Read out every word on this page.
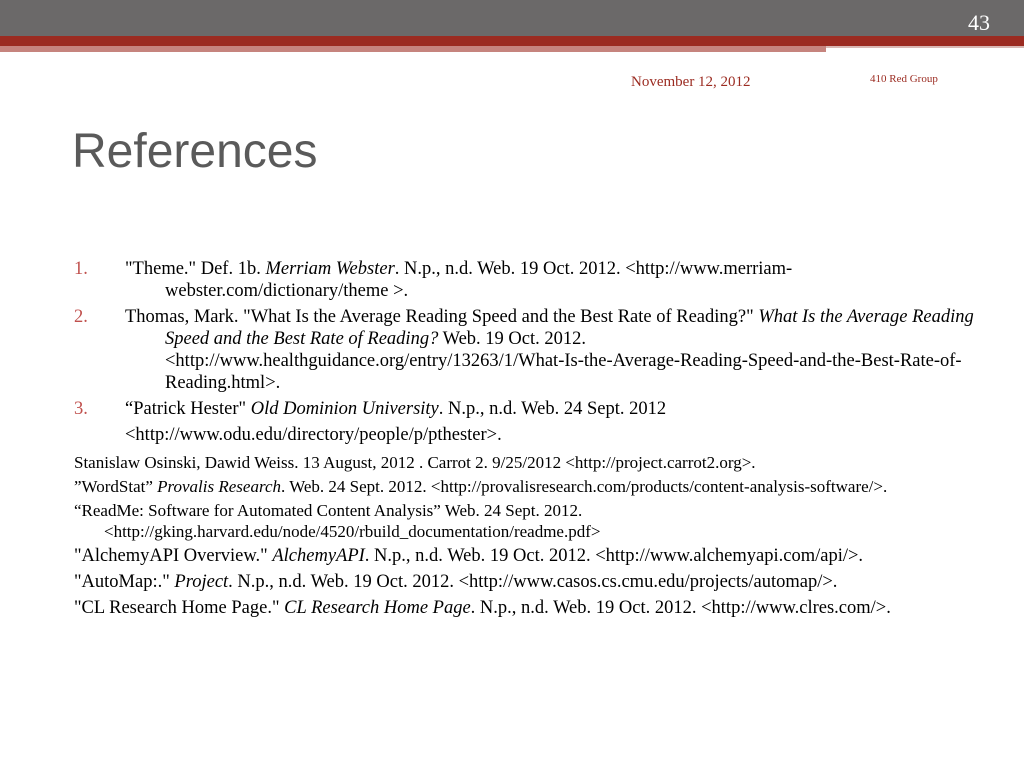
43
November 12, 2012	410 Red Group
References
1. "Theme." Def. 1b. Merriam Webster. N.p., n.d. Web. 19 Oct. 2012. <http://www.merriam-webster.com/dictionary/theme >.
2. Thomas, Mark. "What Is the Average Reading Speed and the Best Rate of Reading?" What Is the Average Reading Speed and the Best Rate of Reading? Web. 19 Oct. 2012. <http://www.healthguidance.org/entry/13263/1/What-Is-the-Average-Reading-Speed-and-the-Best-Rate-of-Reading.html>.
3. “Patrick Hester" Old Dominion University. N.p., n.d. Web. 24 Sept. 2012
<http://www.odu.edu/directory/people/p/pthester>.
Stanislaw Osinski, Dawid Weiss. 13 August, 2012 . Carrot 2. 9/25/2012 <http://project.carrot2.org>.
”WordStat” Provalis Research. Web. 24 Sept. 2012. <http://provalisresearch.com/products/content-analysis-software/>.
“ReadMe: Software for Automated Content Analysis” Web. 24 Sept. 2012. <http://gking.harvard.edu/node/4520/rbuild_documentation/readme.pdf>
"AlchemyAPI Overview." AlchemyAPI. N.p., n.d. Web. 19 Oct. 2012. <http://www.alchemyapi.com/api/>.
"AutoMap:." Project. N.p., n.d. Web. 19 Oct. 2012. <http://www.casos.cs.cmu.edu/projects/automap/>.
"CL Research Home Page." CL Research Home Page. N.p., n.d. Web. 19 Oct. 2012. <http://www.clres.com/>.
